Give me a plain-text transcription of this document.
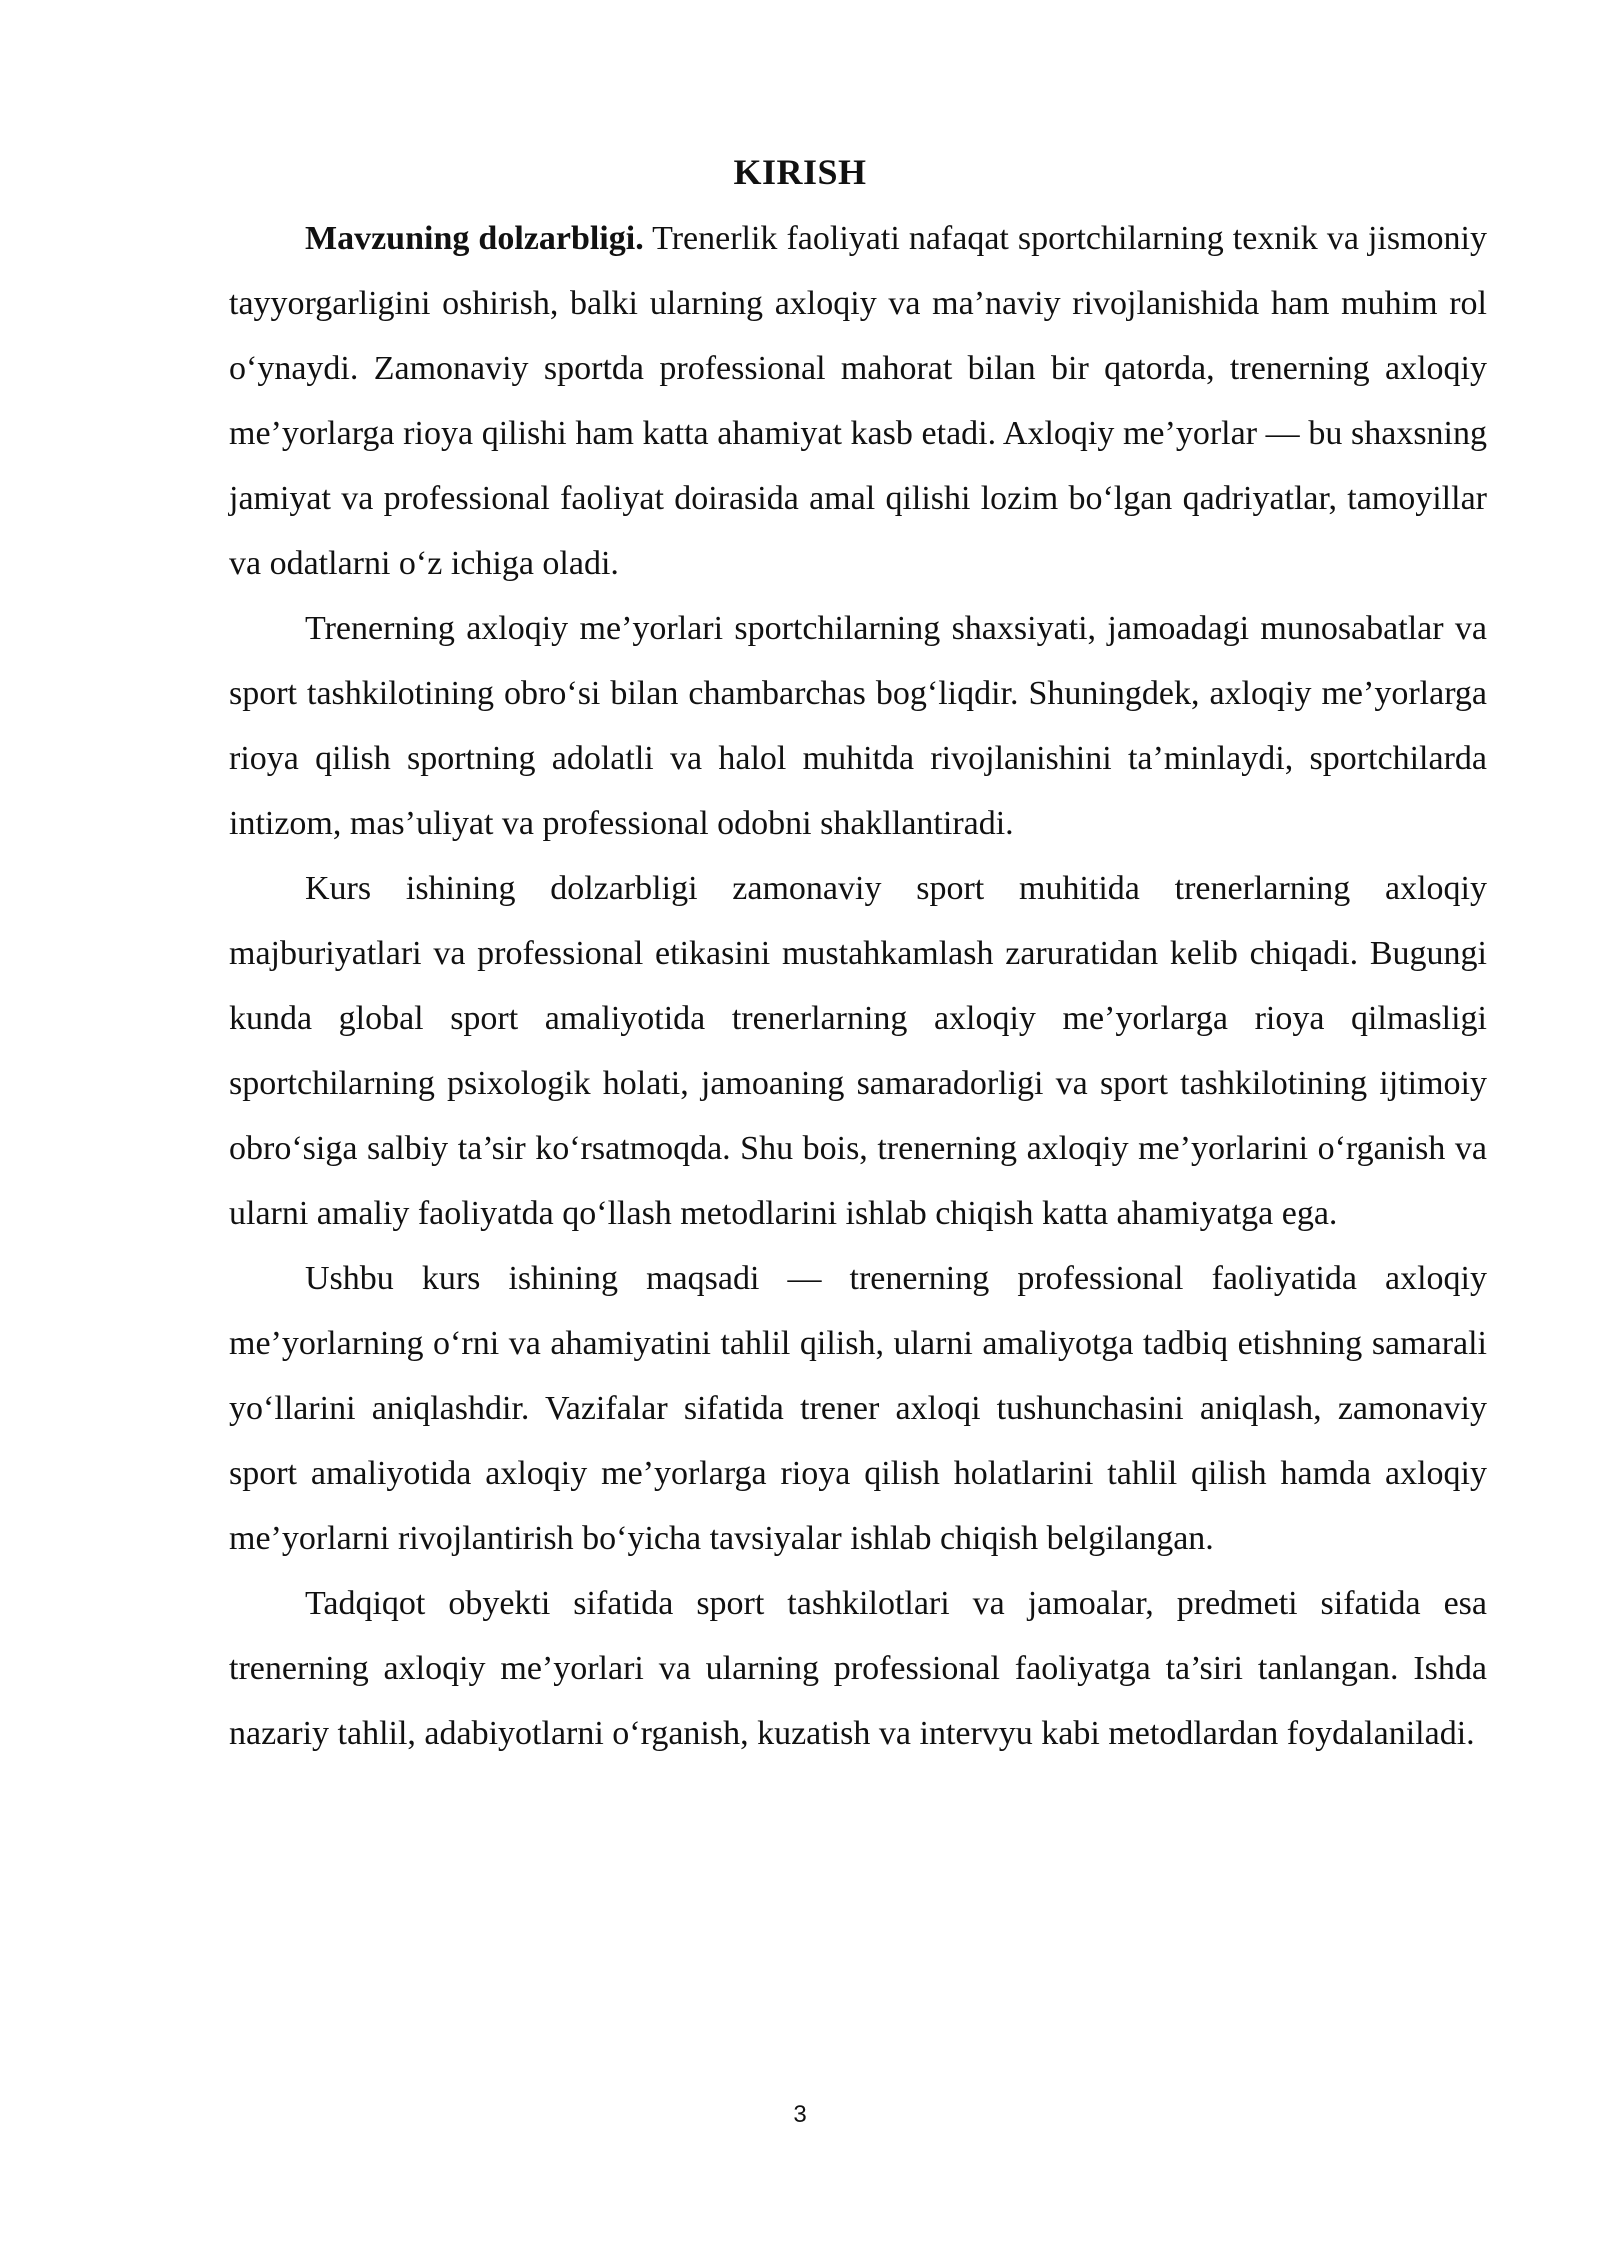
KIRISH

Mavzuning dolzarbligi. Trenerlik faoliyati nafaqat sportchilarning texnik va jismoniy tayyorgarligini oshirish, balki ularning axloqiy va ma’naviy rivojlanishida ham muhim rol o‘ynaydi. Zamonaviy sportda professional mahorat bilan bir qatorda, trenerning axloqiy me’yorlarga rioya qilishi ham katta ahamiyat kasb etadi. Axloqiy me’yorlar — bu shaxsning jamiyat va professional faoliyat doirasida amal qilishi lozim bo‘lgan qadriyatlar, tamoyillar va odatlarni o‘z ichiga oladi.

Trenerning axloqiy me’yorlari sportchilarning shaxsiyati, jamoadagi munosabatlar va sport tashkilotining obro‘si bilan chambarchas bog‘liqdir. Shuningdek, axloqiy me’yorlarga rioya qilish sportning adolatli va halol muhitda rivojlanishini ta’minlaydi, sportchilarda intizom, mas’uliyat va professional odobni shakllantiradi.

Kurs ishining dolzarbligi zamonaviy sport muhitida trenerlarning axloqiy majburiyatlari va professional etikasini mustahkamlash zaruratidan kelib chiqadi. Bugungi kunda global sport amaliyotida trenerlarning axloqiy me’yorlarga rioya qilmasligi sportchilarning psixologik holati, jamoaning samaradorligi va sport tashkilotining ijtimoiy obro‘siga salbiy ta’sir ko‘rsatmoqda. Shu bois, trenerning axloqiy me’yorlarini o‘rganish va ularni amaliy faoliyatda qo‘llash metodlarini ishlab chiqish katta ahamiyatga ega.

Ushbu kurs ishining maqsadi — trenerning professional faoliyatida axloqiy me’yorlarning o‘rni va ahamiyatini tahlil qilish, ularni amaliyotga tadbiq etishning samarali yo‘llarini aniqlashdir. Vazifalar sifatida trener axloqi tushunchasini aniqlash, zamonaviy sport amaliyotida axloqiy me’yorlarga rioya qilish holatlarini tahlil qilish hamda axloqiy me’yorlarni rivojlantirish bo‘yicha tavsiyalar ishlab chiqish belgilangan.

Tadqiqot obyekti sifatida sport tashkilotlari va jamoalar, predmeti sifatida esa trenerning axloqiy me’yorlari va ularning professional faoliyatga ta’siri tanlangan. Ishda nazariy tahlil, adabiyotlarni o‘rganish, kuzatish va intervyu kabi metodlardan foydalaniladi.

3
